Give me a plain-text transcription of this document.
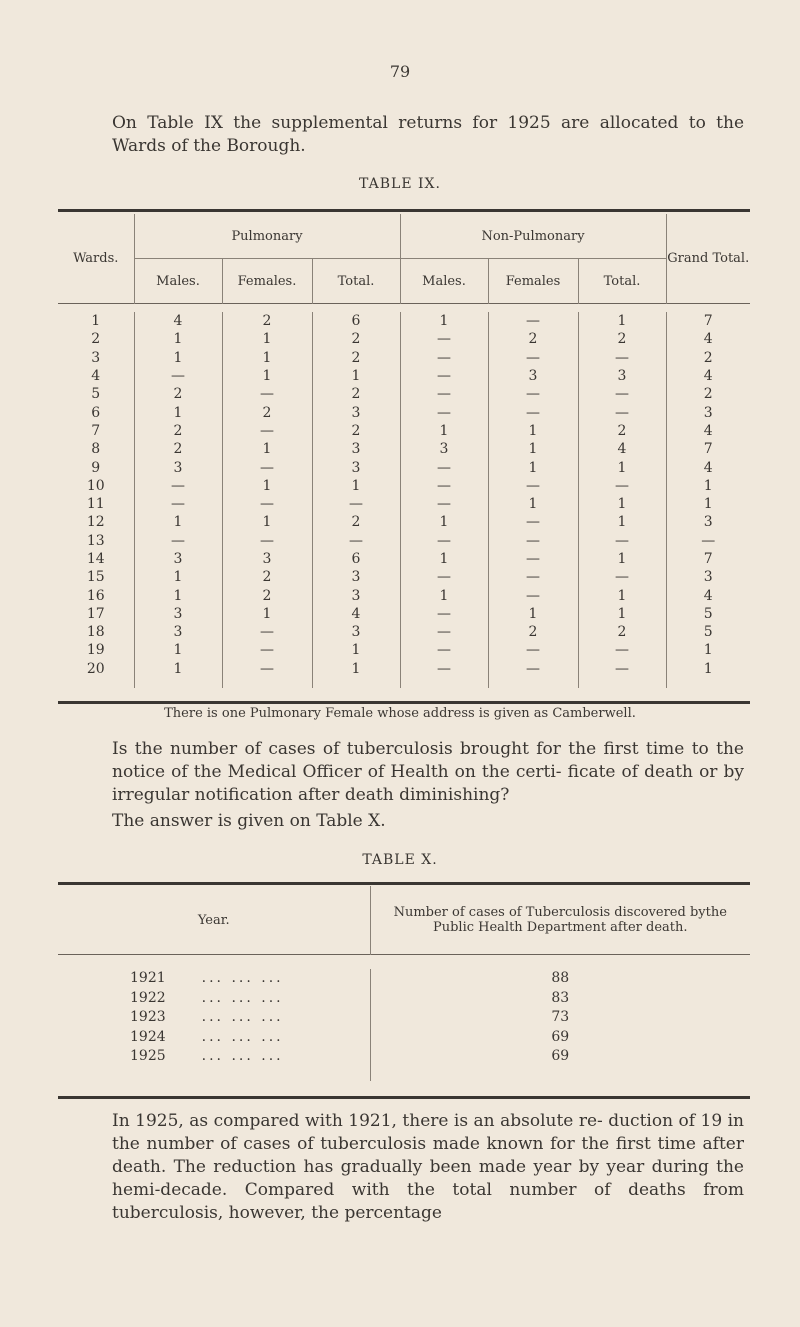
79

On Table IX the supplemental returns for 1925 are allocated to the Wards of the Borough.

TABLE IX.
Wards.	Pulmonary			Non-Pulmonary			Grand Total.
	Males.	Females.	Total.	Males.	Females	Total.	

1	4	2	6	1	—	1	7
2	1	1	2	—	2	2	4
3	1	1	2	—	—	—	2
4	—	1	1	—	3	3	4
5	2	—	2	—	—	—	2
6	1	2	3	—	—	—	3
7	2	—	2	1	1	2	4
8	2	1	3	3	1	4	7
9	3	—	3	—	1	1	4
10	—	1	1	—	—	—	1
11	—	—	—	—	1	1	1
12	1	1	2	1	—	1	3
13	—	—	—	—	—	—	—
14	3	3	6	1	—	1	7
15	1	2	3	—	—	—	3
16	1	2	3	1	—	1	4
17	3	1	4	—	1	1	5
18	3	—	3	—	2	2	5
19	1	—	1	—	—	—	1
20	1	—	1	—	—	—	1
There is one Pulmonary Female whose address is given as Camberwell.

Is the number of cases of tuberculosis brought for the first time to the notice of the Medical Officer of Health on the certi- ficate of death or by irregular notification after death diminishing?

The answer is given on Table X.

TABLE X.
Year.	Number of cases of Tuberculosis discovered bythe Public Health Department after death.

1921 ... ... ...	88
1922 ... ... ...	83
1923 ... ... ...	73
1924 ... ... ...	69
1925 ... ... ...	69

In 1925, as compared with 1921, there is an absolute re- duction of 19 in the number of cases of tuberculosis made known for the first time after death. The reduction has gradually been made year by year during the hemi-decade. Compared with the total number of deaths from tuberculosis, however, the percentage
